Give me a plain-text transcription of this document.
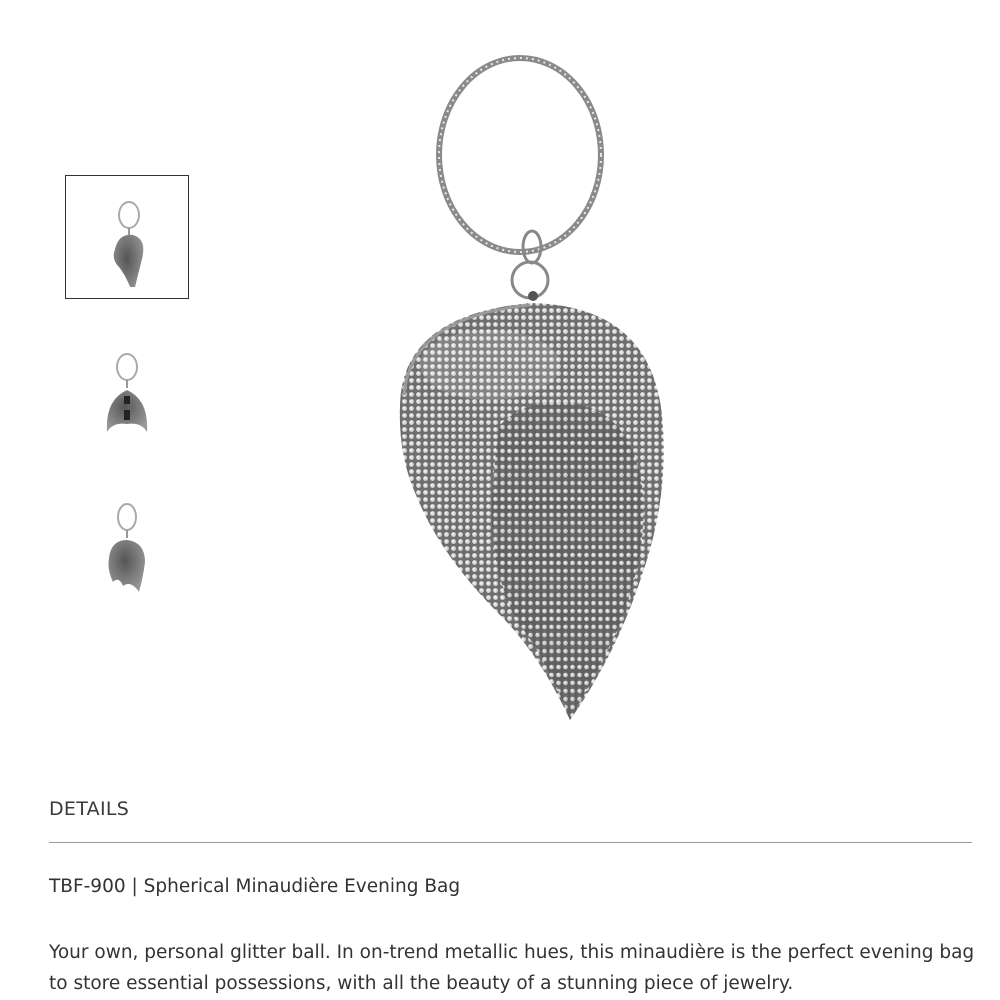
DETAILS

TBF-900 | Spherical Minaudière Evening Bag

Your own, personal glitter ball. In on-trend metallic hues, this minaudière is the perfect evening bag to store essential possessions, with all the beauty of a stunning piece of jewelry.
